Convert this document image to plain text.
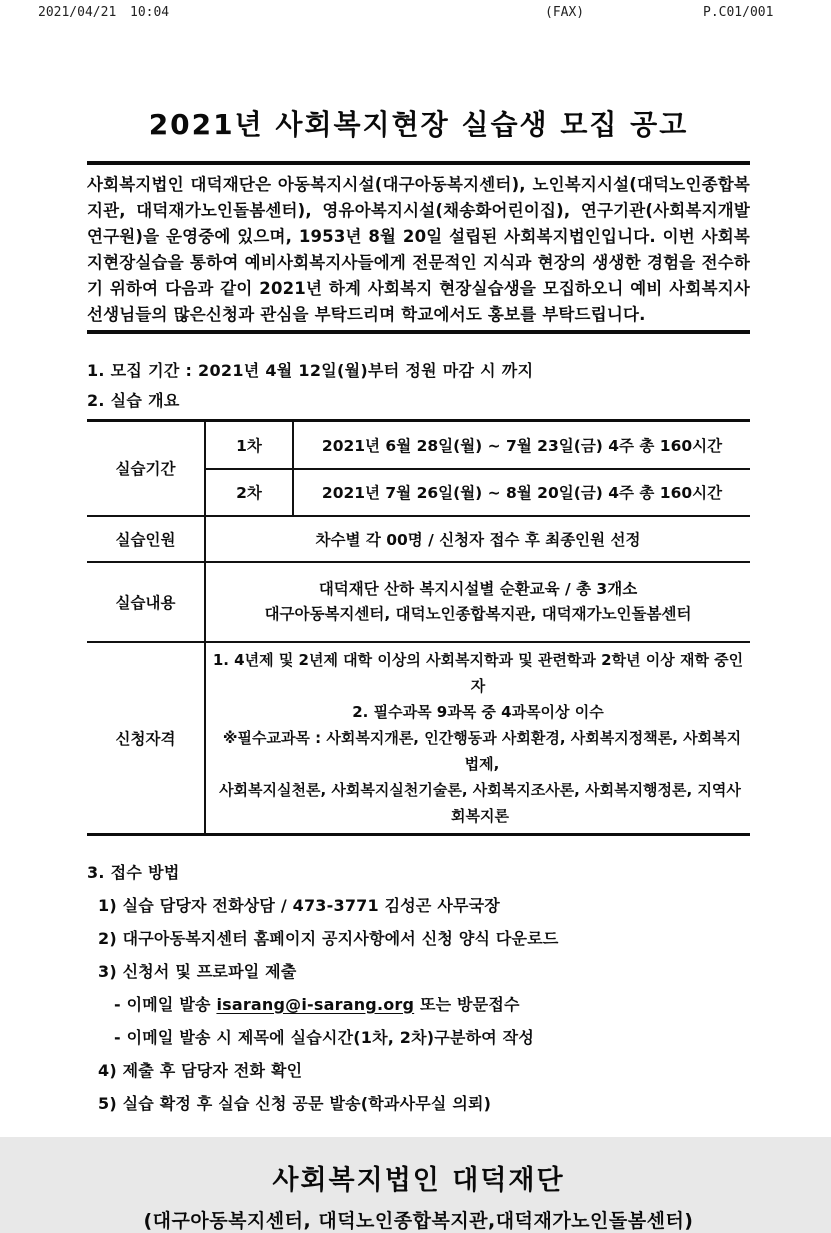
2021/04/21 10:04	(FAX)	P.C01/001
2021년 사회복지현장 실습생 모집 공고

사회복지법인 대덕재단은 아동복지시설(대구아동복지센터), 노인복지시설(대덕노인종합복지관, 대덕재가노인돌봄센터), 영유아복지시설(채송화어린이집), 연구기관(사회복지개발연구원)을 운영중에 있으며, 1953년 8월 20일 설립된 사회복지법인입니다. 이번 사회복지현장실습을 통하여 예비사회복지사들에게 전문적인 지식과 현장의 생생한 경험을 전수하기 위하여 다음과 같이 2021년 하계 사회복지 현장실습생을 모집하오니 예비 사회복지사 선생님들의 많은신청과 관심을 부탁드리며 학교에서도 홍보를 부탁드립니다.

1. 모집 기간 : 2021년 4월 12일(월)부터 정원 마감 시 까지
2. 실습 개요
실습기간	1차	2021년 6월 28일(월) ~ 7월 23일(금) 4주 총 160시간
	2차	2021년 7월 26일(월) ~ 8월 20일(금) 4주 총 160시간
실습인원	차수별 각 00명 / 신청자 접수 후 최종인원 선정	
실습내용	대덕재단 산하 복지시설별 순환교육 / 총 3개소
대구아동복지센터, 대덕노인종합복지관, 대덕재가노인돌봄센터	

신청자격	1. 4년제 및 2년제 대학 이상의 사회복지학과 및 관련학과 2학년 이상 재학 중인 자
2. 필수과목 9과목 중 4과목이상 이수
※필수교과목 : 사회복지개론, 인간행동과 사회환경, 사회복지정책론, 사회복지법제,
사회복지실천론, 사회복지실천기술론, 사회복지조사론, 사회복지행정론, 지역사회복지론	
3. 접수 방법
1) 실습 담당자 전화상담 / 473-3771 김성곤 사무국장
2) 대구아동복지센터 홈페이지 공지사항에서 신청 양식 다운로드
3) 신청서 및 프로파일 제출
- 이메일 발송 isarang@i-sarang.org 또는 방문접수
- 이메일 발송 시 제목에 실습시간(1차, 2차)구분하여 작성
4) 제출 후 담당자 전화 확인
5) 실습 확정 후 실습 신청 공문 발송(학과사무실 의뢰)
사회복지법인 대덕재단
(대구아동복지센터, 대덕노인종합복지관,대덕재가노인돌봄센터)
